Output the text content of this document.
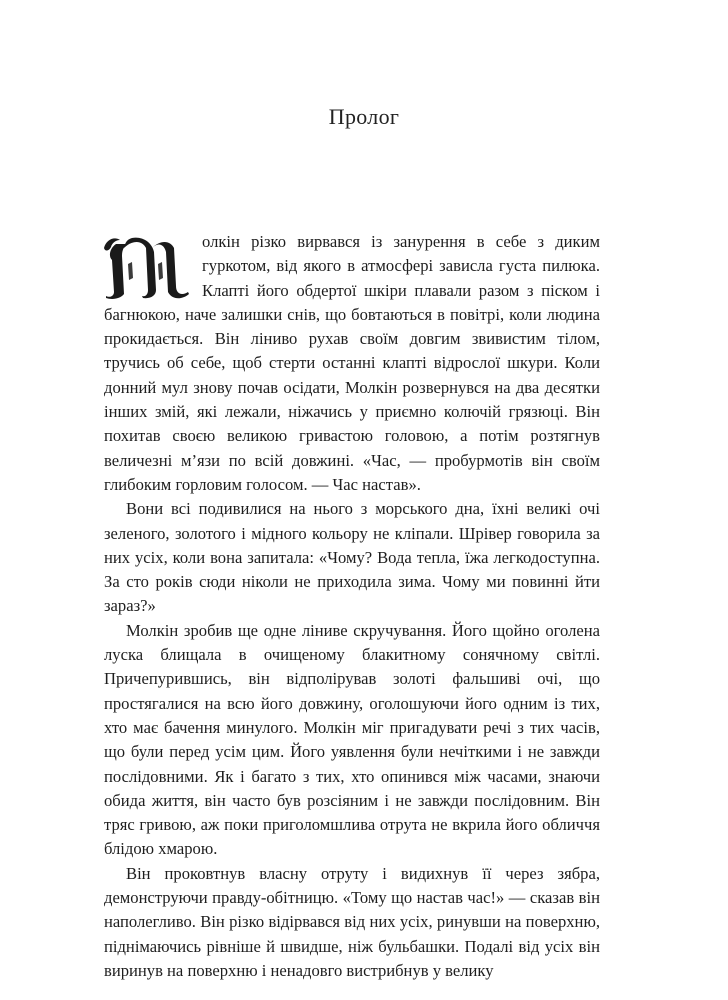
Пролог

олкін різко вирвався із занурення в себе з диким гуркотом, від якого в атмосфері зависла густа пилюка. Клапті його обдертої шкіри плавали разом з піском і багнюкою, наче залишки снів, що бовтаються в повітрі, коли людина прокидається. Він ліниво рухав своїм довгим звивистим тілом, тручись об себе, щоб стерти останні клапті відрослої шкури. Коли донний мул знову почав осідати, Молкін розвернувся на два десятки інших змій, які лежали, ніжачись у приємно колючій грязюці. Він похитав своєю великою гривастою головою, а потім розтягнув величезні м’язи по всій довжині. «Час, — пробурмотів він своїм глибоким горловим голосом. — Час настав».

Вони всі подивилися на нього з морського дна, їхні великі очі зеленого, золотого і мідного кольору не кліпали. Шрівер говорила за них усіх, коли вона запитала: «Чому? Вода тепла, їжа легкодоступна. За сто років сюди ніколи не приходила зима. Чому ми повинні йти зараз?»

Молкін зробив ще одне ліниве скручування. Його щойно оголена луска блищала в очищеному блакитному сонячному світлі. Причепурившись, він відполірував золоті фальшиві очі, що простягалися на всю його довжину, оголошуючи його одним із тих, хто має бачення минулого. Молкін міг пригадувати речі з тих часів, що були перед усім цим. Його уявлення були нечіткими і не завжди послідовними. Як і багато з тих, хто опинився між часами, знаючи обида життя, він часто був розсіяним і не завжди послідовним. Він тряс гривою, аж поки приголомшлива отрута не вкрила його обличчя блідою хмарою.

Він проковтнув власну отруту і видихнув її через зябра, демонструючи правду-обітницю. «Тому що настав час!» — сказав він наполегливо. Він різко відірвався від них усіх, ринувши на поверхню, піднімаючись рівніше й швидше, ніж бульбашки. Подалі від усіх він виринув на поверхню і ненадовго вистрибнув у велику
